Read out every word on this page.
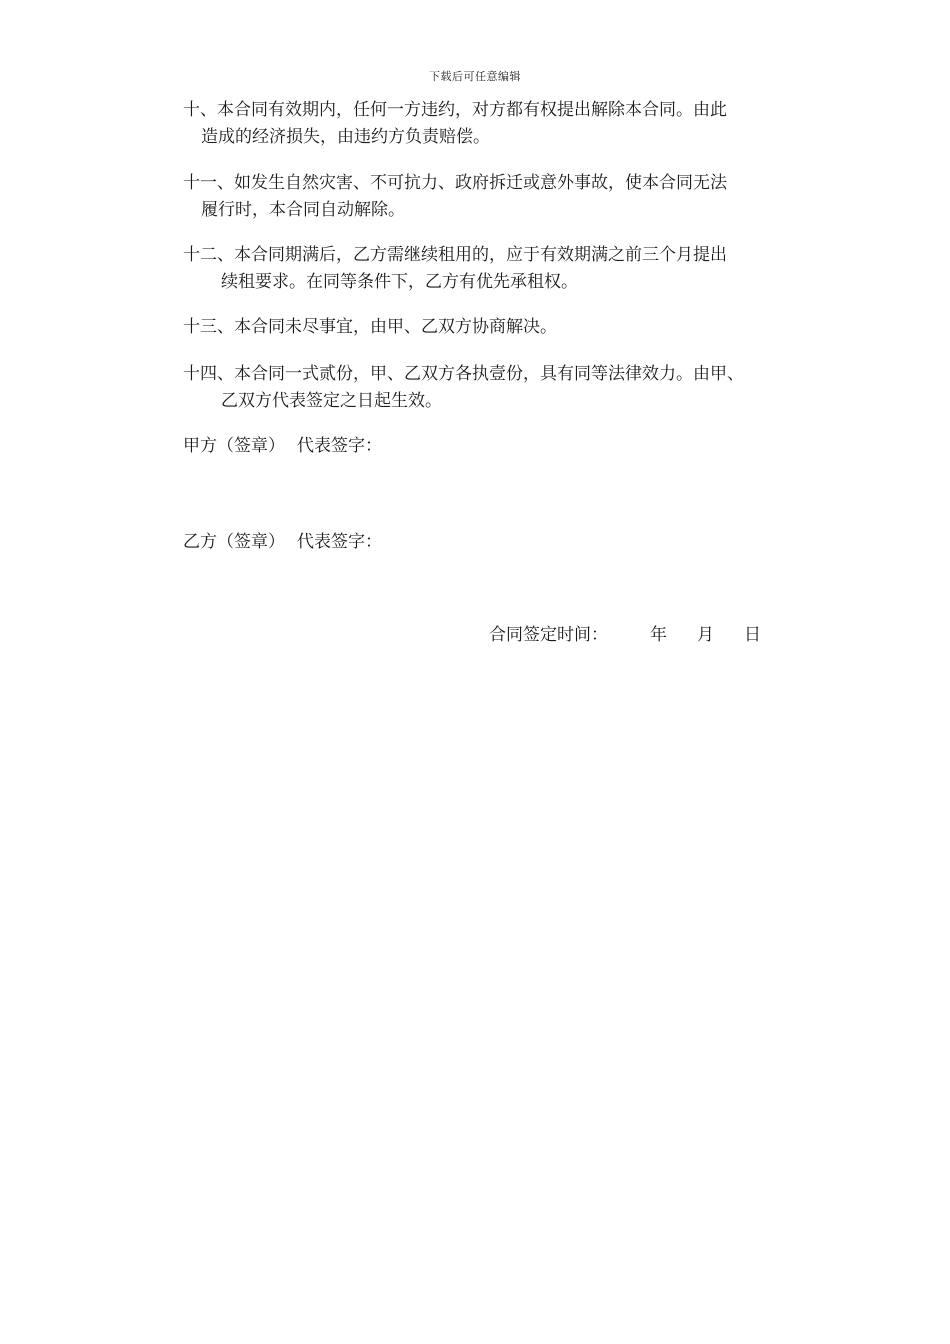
下载后可任意编辑
十、本合同有效期内，任何一方违约，对方都有权提出解除本合同。由此
造成的经济损失，由违约方负责赔偿。
十一、如发生自然灾害、不可抗力、政府拆迁或意外事故，使本合同无法
履行时，本合同自动解除。
十二、本合同期满后，乙方需继续租用的，应于有效期满之前三个月提出
续租要求。在同等条件下，乙方有优先承租权。
十三、本合同未尽事宜，由甲、乙双方协商解决。
十四、本合同一式贰份，甲、乙双方各执壹份，具有同等法律效力。由甲、
乙双方代表签定之日起生效。
甲方（签章） 代表签字：
乙方（签章） 代表签字：
合同签定时间： 年 月 日
